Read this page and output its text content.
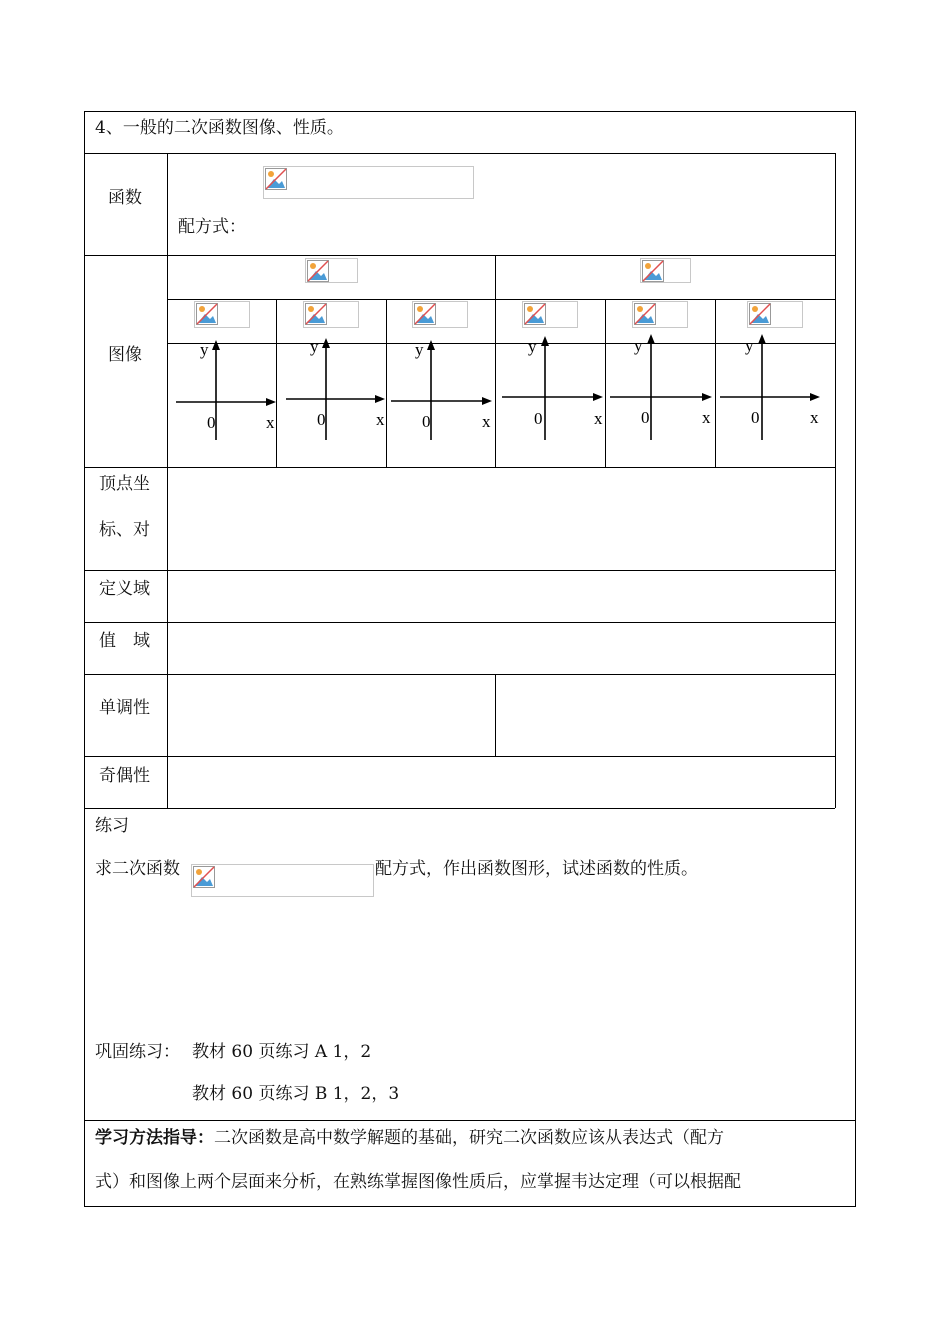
4、一般的二次函数图像、性质。
函数
配方式：
图像
顶点坐
标、对
定义域
值　域
单调性
奇偶性
y
x
0
y
x
0
y
x
0
y
x
0
y
x
0
y
x
0
练习
求二次函数	配方式，作出函数图形，试述函数的性质。
巩固练习： 教材 60 页练习 A 1，2
教材 60 页练习 B 1，2，3
学习方法指导：二次函数是高中数学解题的基础，研究二次函数应该从表达式（配方
式）和图像上两个层面来分析，在熟练掌握图像性质后，应掌握韦达定理（可以根据配
